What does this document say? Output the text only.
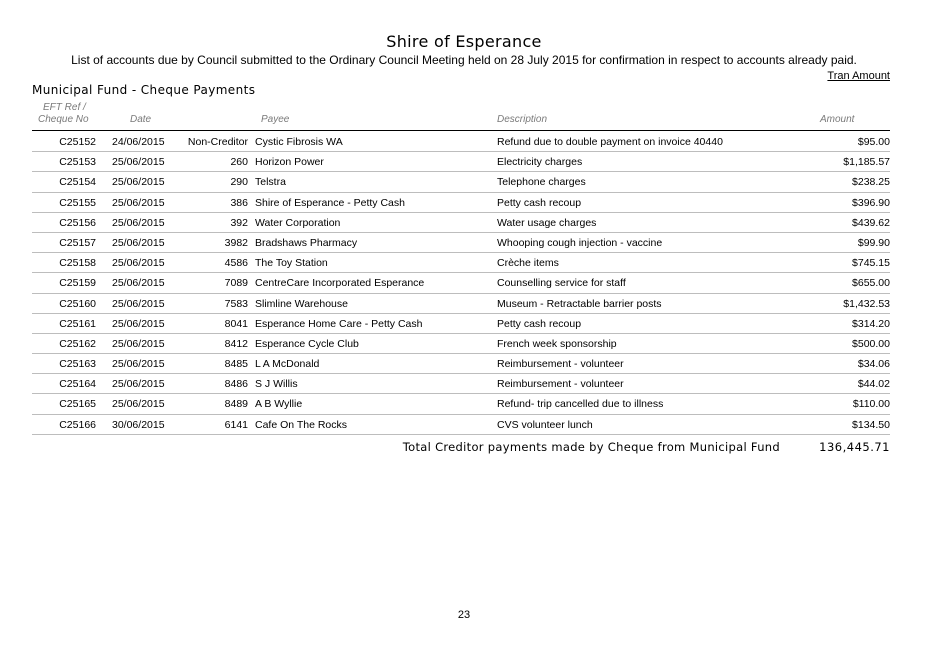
Shire of Esperance
List of accounts due by Council submitted to the Ordinary Council Meeting held on 28 July 2015 for confirmation in respect to accounts already paid.
Tran Amount
Municipal Fund - Cheque Payments
EFT Ref /
Cheque No	Date	Payee	Description	Amount
C25152 24/06/2015	Non-Creditor Cystic Fibrosis WA	Refund due to double payment on invoice 40440	$95.00
C25153 25/06/2015	260 Horizon Power	Electricity charges	$1,185.57
C25154 25/06/2015	290 Telstra	Telephone charges	$238.25
C25155 25/06/2015	386 Shire of Esperance - Petty Cash	Petty cash recoup	$396.90
C25156 25/06/2015	392 Water Corporation	Water usage charges	$439.62
C25157 25/06/2015	3982 Bradshaws Pharmacy	Whooping cough injection - vaccine	$99.90
C25158 25/06/2015	4586 The Toy Station	Crèche items	$745.15
C25159 25/06/2015	7089 CentreCare Incorporated Esperance	Counselling service for staff	$655.00
C25160 25/06/2015	7583 Slimline Warehouse	Museum - Retractable barrier posts	$1,432.53
C25161 25/06/2015	8041 Esperance Home Care - Petty Cash	Petty cash recoup	$314.20
C25162 25/06/2015	8412 Esperance Cycle Club	French week sponsorship	$500.00
C25163 25/06/2015	8485 L A McDonald	Reimbursement - volunteer	$34.06
C25164 25/06/2015	8486 S J Willis	Reimbursement - volunteer	$44.02
C25165 25/06/2015	8489 A B Wyllie	Refund- trip cancelled due to illness	$110.00
C25166 30/06/2015	6141 Cafe On The Rocks	CVS volunteer lunch	$134.50
Total Creditor payments made by Cheque from Municipal Fund	136,445.71
23
